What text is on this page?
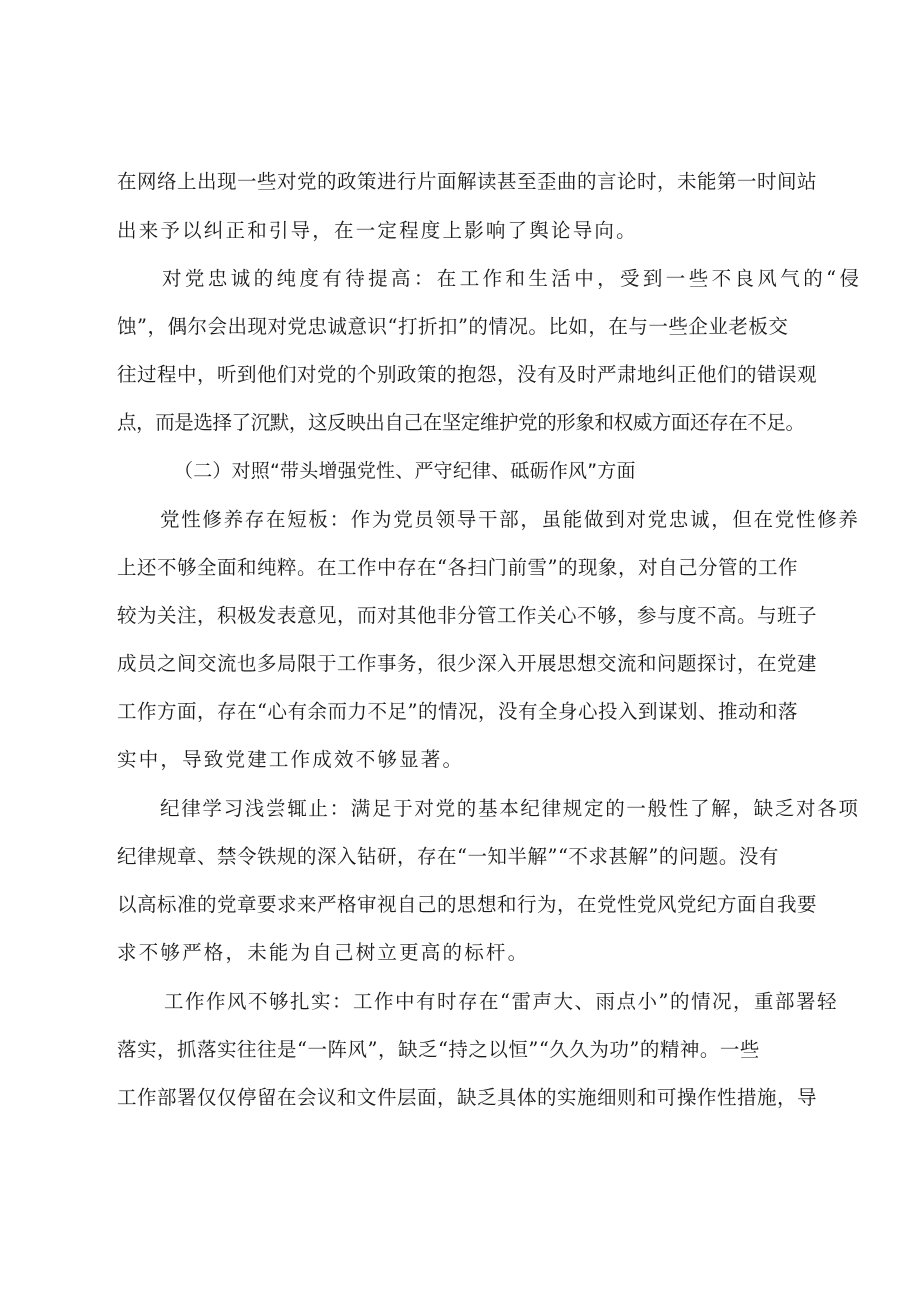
在网络上出现一些对党的政策进行片面解读甚至歪曲的言论时，未能第一时间站
出来予以纠正和引导，在一定程度上影响了舆论导向。
对党忠诚的纯度有待提高：在工作和生活中，受到一些不良风气的“侵
蚀”，偶尔会出现对党忠诚意识“打折扣”的情况。比如，在与一些企业老板交
往过程中，听到他们对党的个别政策的抱怨，没有及时严肃地纠正他们的错误观
点，而是选择了沉默，这反映出自己在坚定维护党的形象和权威方面还存在不足。
（二）对照“带头增强党性、严守纪律、砥砺作风”方面
党性修养存在短板：作为党员领导干部，虽能做到对党忠诚，但在党性修养
上还不够全面和纯粹。在工作中存在“各扫门前雪”的现象，对自己分管的工作
较为关注，积极发表意见，而对其他非分管工作关心不够，参与度不高。与班子
成员之间交流也多局限于工作事务，很少深入开展思想交流和问题探讨，在党建
工作方面，存在“心有余而力不足”的情况，没有全身心投入到谋划、推动和落
实中，导致党建工作成效不够显著。
纪律学习浅尝辄止：满足于对党的基本纪律规定的一般性了解，缺乏对各项
纪律规章、禁令铁规的深入钻研，存在“一知半解”“不求甚解”的问题。没有
以高标准的党章要求来严格审视自己的思想和行为，在党性党风党纪方面自我要
求不够严格，未能为自己树立更高的标杆。
工作作风不够扎实：工作中有时存在“雷声大、雨点小”的情况，重部署轻
落实，抓落实往往是“一阵风”，缺乏“持之以恒”“久久为功”的精神。一些
工作部署仅仅停留在会议和文件层面，缺乏具体的实施细则和可操作性措施，导
